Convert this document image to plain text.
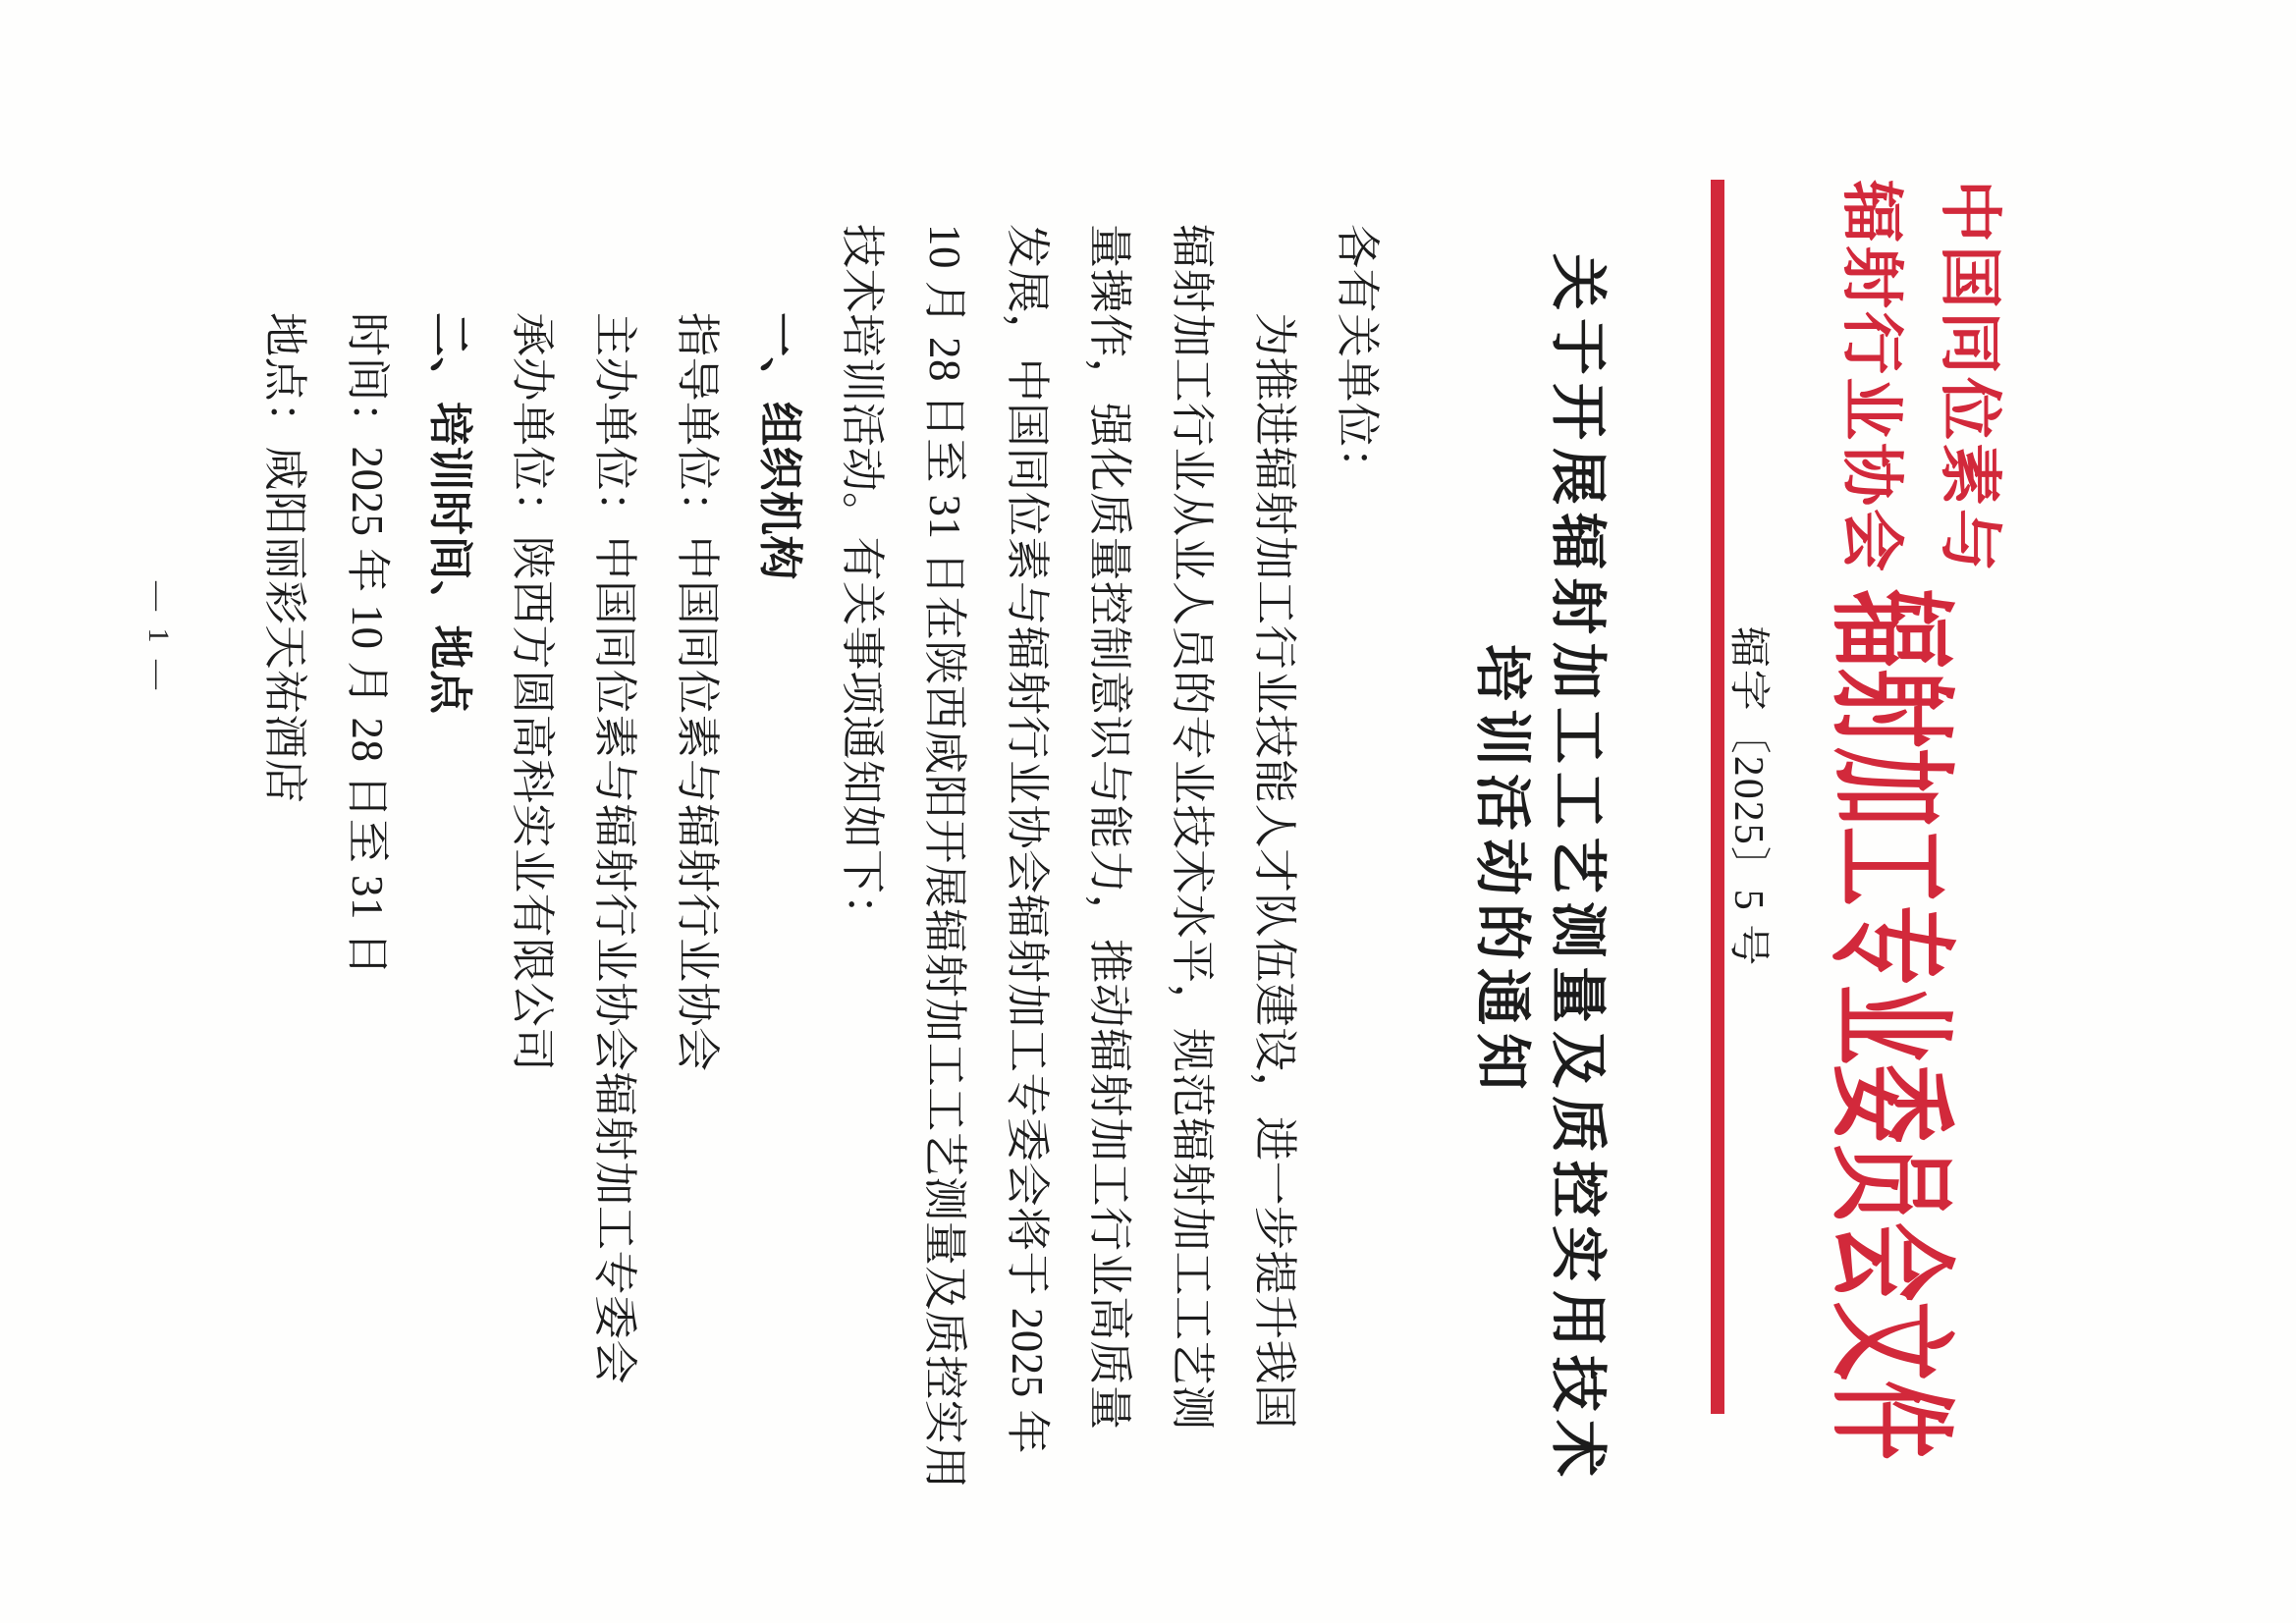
中国同位素与
辐射行业协会
辐射加工专业委员会文件
辐字〔2025〕5 号
关于开展辐射加工工艺测量及质控实用技术
培训活动的通知
各有关单位：
为推进辐射加工行业技能人才队伍建设，进一步提升我国
辐射加工行业从业人员的专业技术水平，规范辐射加工工艺测
量操作，强化质量控制意识与能力，推动辐射加工行业高质量
发展，中国同位素与辐射行业协会辐射加工专委会将于 2025 年
10 月 28 日至 31 日在陕西咸阳开展辐射加工工艺测量及质控实用
技术培训活动。有关事项通知如下：
一、组织机构
指导单位：中国同位素与辐射行业协会
主办单位：中国同位素与辐射行业协会辐射加工专委会
承办单位：陕西方圆高科实业有限公司
二、培训时间、地点
时间：2025 年 10 月 28 日至 31 日
地点：咸阳丽彩天祐酒店
— 1 —
